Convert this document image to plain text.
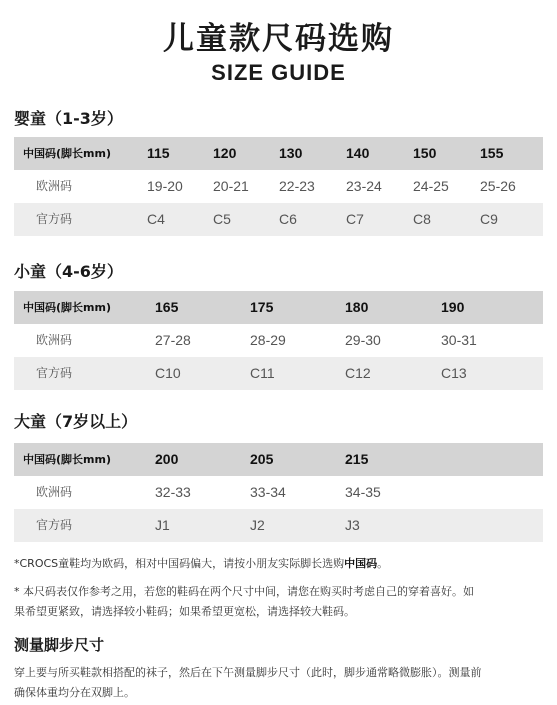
儿童款尺码选购
SIZE GUIDE
婴童（1-3岁）
中国码(脚长mm)	115	120	130	140	150	155
欧洲码	19-20 20-21 22-23 23-24 24-25 25-26
官方码	C4	C5	C6	C7	C8	C9
小童（4-6岁）
中国码(脚长mm)	165	175	180	190
欧洲码	27-28	28-29	29-30	30-31
官方码	C10	C11	C12	C13
大童（7岁以上）
中国码(脚长mm)	200	205	215
欧洲码	32-33	33-34	34-35
官方码	J1	J2	J3
*CROCS童鞋均为欧码，相对中国码偏大，请按小朋友实际脚长选购中国码。
* 本尺码表仅作参考之用，若您的鞋码在两个尺寸中间，请您在购买时考虑自己的穿着喜好。如
果希望更紧致，请选择较小鞋码；如果希望更宽松，请选择较大鞋码。
测量脚步尺寸
穿上要与所买鞋款相搭配的袜子，然后在下午测量脚步尺寸（此时，脚步通常略微膨胀）。测量前
确保体重均分在双脚上。
